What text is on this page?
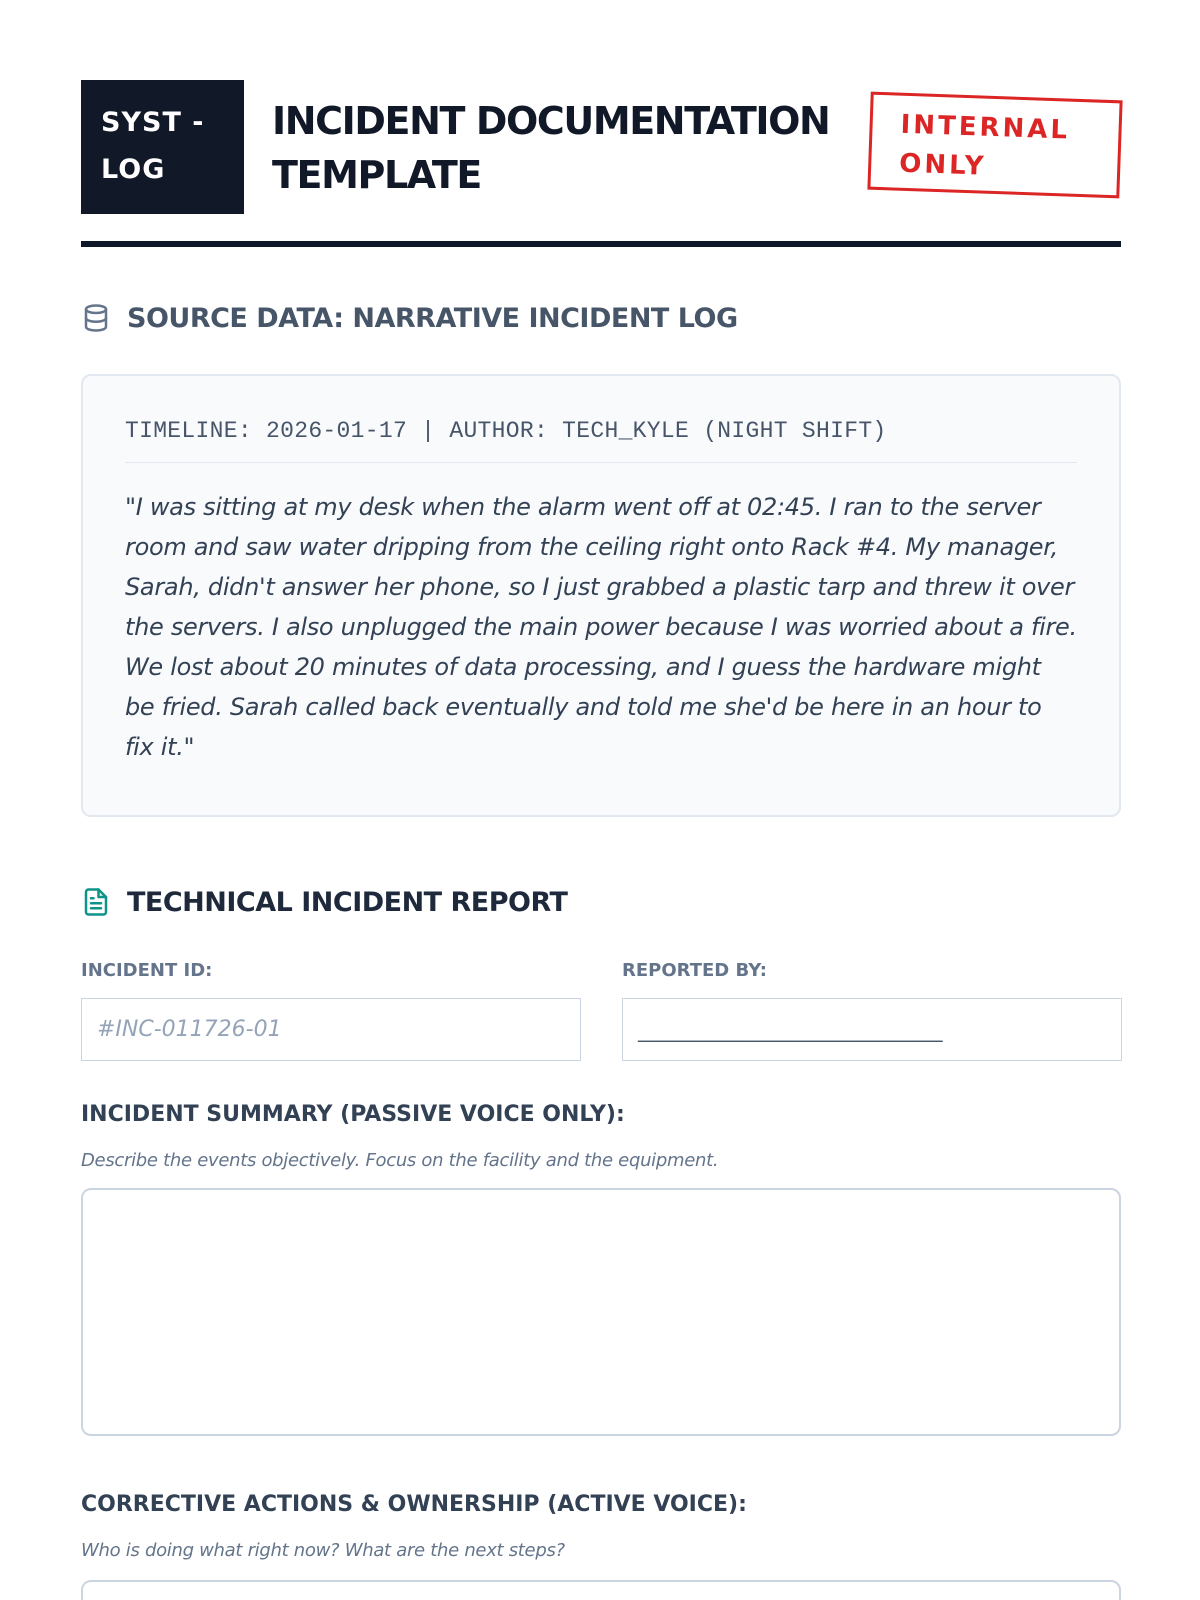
SYST -
LOG
INCIDENT DOCUMENTATION
TEMPLATE
INTERNAL
ONLY
SOURCE DATA: NARRATIVE INCIDENT LOG
TIMELINE: 2026-01-17 | AUTHOR: TECH_KYLE (NIGHT SHIFT)
"I was sitting at my desk when the alarm went off at 02:45. I ran to the server room and saw water dripping from the ceiling right onto Rack #4. My manager, Sarah, didn't answer her phone, so I just grabbed a plastic tarp and threw it over the servers. I also unplugged the main power because I was worried about a fire. We lost about 20 minutes of data processing, and I guess the hardware might be fried. Sarah called back eventually and told me she'd be here in an hour to fix it."
TECHNICAL INCIDENT REPORT
INCIDENT ID:
#INC-011726-01
REPORTED BY:
________________________________
INCIDENT SUMMARY (PASSIVE VOICE ONLY):
Describe the events objectively. Focus on the facility and the equipment.
CORRECTIVE ACTIONS & OWNERSHIP (ACTIVE VOICE):
Who is doing what right now? What are the next steps?
